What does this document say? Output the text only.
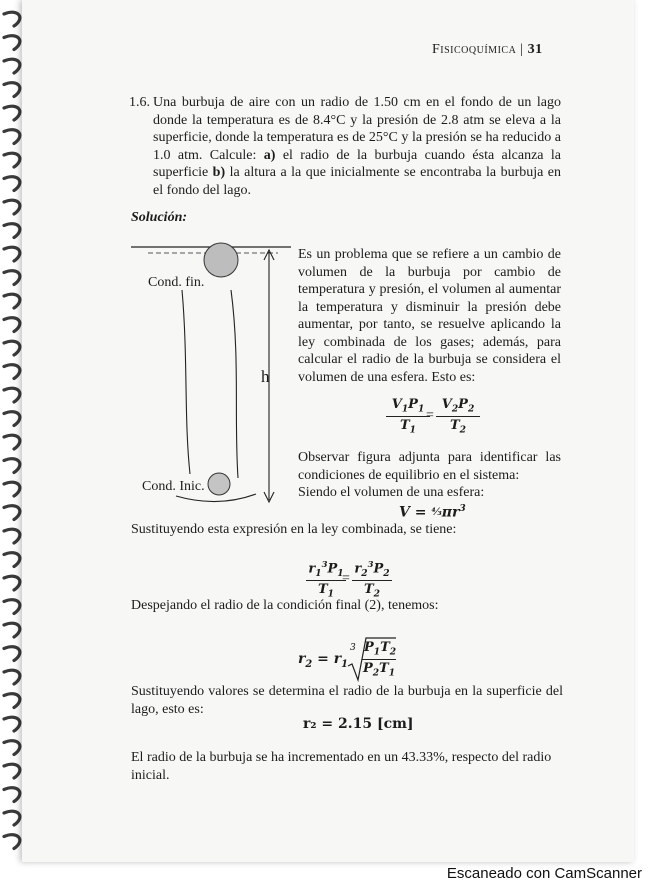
Fisicoquímica | 31
1.6. Una burbuja de aire con un radio de 1.50 cm en el fondo de un lago donde la temperatura es de 8.4°C y la presión de 2.8 atm se eleva a la superficie, donde la temperatura es de 25°C y la presión se ha reducido a 1.0 atm. Calcule: a) el radio de la burbuja cuando ésta alcanza la superficie b) la altura a la que inicialmente se encontraba la burbuja en el fondo del lago.
Solución:
Cond. fin.
Cond. Inic.
h
Es un problema que se refiere a un cambio de volumen de la burbuja por cambio de temperatura y presión, el volumen al aumentar la temperatura y disminuir la presión debe aumentar, por tanto, se resuelve aplicando la ley combinada de los gases; además, para calcular el radio de la burbuja se considera el volumen de una esfera. Esto es:
$\frac{V_1P_1}{T_1}$
= $\frac{V_2P_2}{T_2}$
Observar figura adjunta para identificar las condiciones de equilibrio en el sistema:
Siendo el volumen de una esfera:
$V = ^4⁄_3\pi r^3$
Sustituyendo esta expresión en la ley combinada, se tiene:
$\frac{r_1^3P_1}{T_1}$
= $\frac{r_2^3P_2}{T_2}$
Despejando el radio de la condición final (2), tenemos:
$r_2 = r_1$
$3 \frac{P_1T_2}{P_2T_1}$
Sustituyendo valores se determina el radio de la burbuja en la superficie del lago, esto es:
r₂ = 2.15 [cm]
El radio de la burbuja se ha incrementado en un 43.33%, respecto del radio inicial.
Escaneado con CamScanner
